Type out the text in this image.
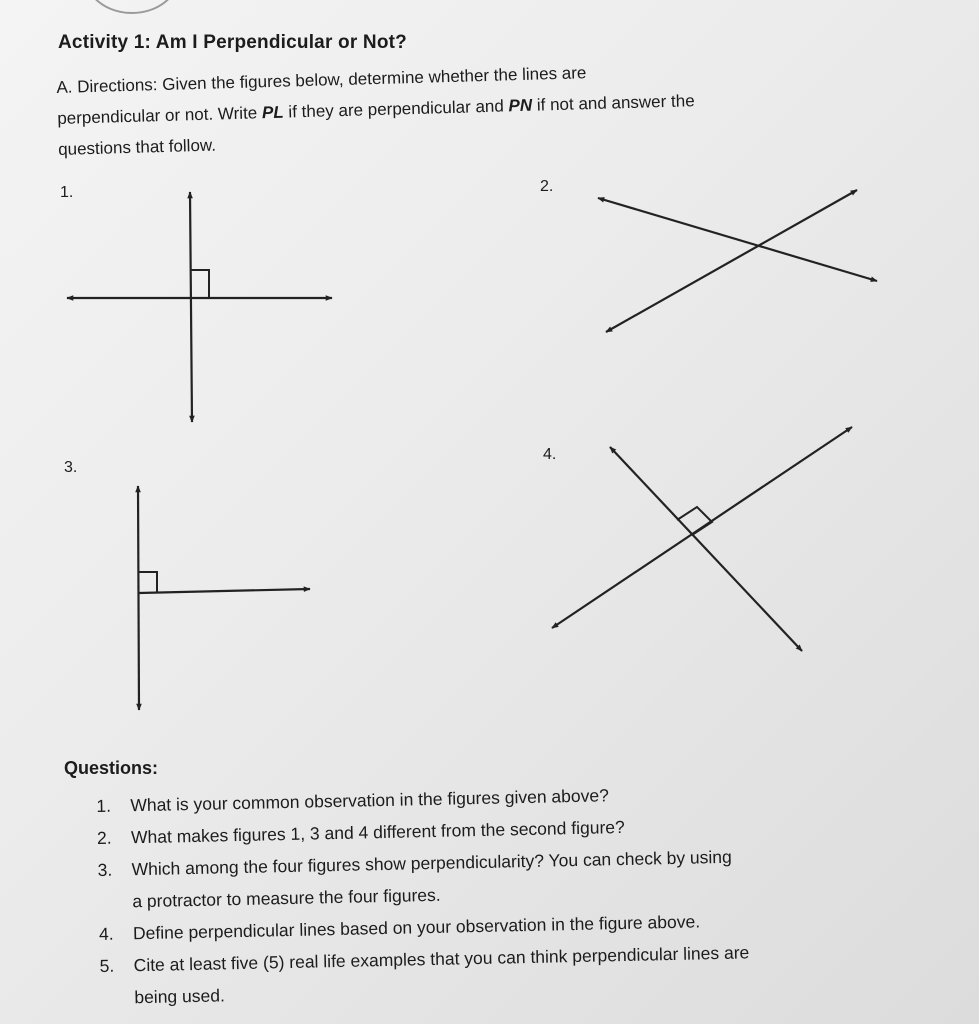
Activity 1: Am I Perpendicular or Not?
A. Directions: Given the figures below, determine whether the lines are
perpendicular or not. Write PL if they are perpendicular and PN if not and answer the
questions that follow.
1.	2.
3.
4.
Questions:
1.	What is your common observation in the figures given above?
2.	What makes figures 1, 3 and 4 different from the second figure?
3.	Which among the four figures show perpendicularity? You can check by using
a protractor to measure the four figures.
4.	Define perpendicular lines based on your observation in the figure above.
5.	Cite at least five (5) real life examples that you can think perpendicular lines are
being used.
